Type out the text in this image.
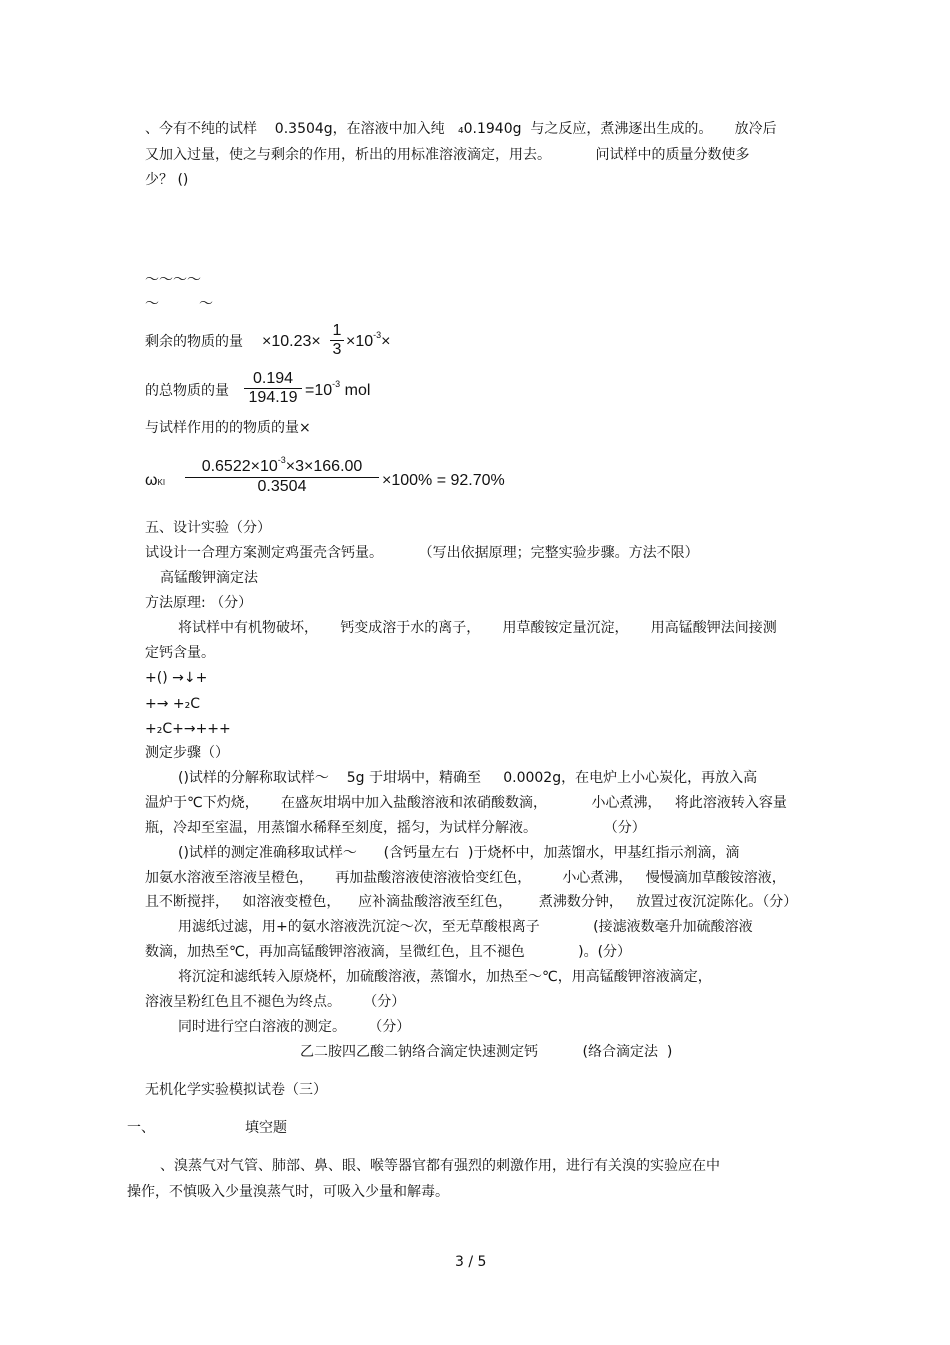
、今有不纯的试样    0.3504g，在溶液中加入纯   ₄0.1940g  与之反应，煮沸逐出生成的。     放冷后
又加入过量，使之与剩余的作用，析出的用标准溶液滴定，用去。          问试样中的质量分数使多
少？ ()
～～～～
～         ～
剩余的物质的量 $\times 10.23\times \frac{1}{3} \times 10^{-3}\times$
的总物质的量 $\frac{0.194}{194.19} =10^{-3}$ mol
与试样作用的的物质的量×
ωKI $\frac{0.6522\times 10^{-3}\times 3\times 166.00}{0.3504} \times 100\% = 92.70\%$
五、设计实验（分）
试设计一合理方案测定鸡蛋壳含钙量。        （写出依据原理；完整实验步骤。方法不限）
高锰酸钾滴定法
方法原理: （分）
将试样中有机物破坏，     钙变成溶于水的离子，     用草酸铵定量沉淀，     用高锰酸钾法间接测
定钙含量。
+() →↓+
+→ +₂C
+₂C+→+++
测定步骤（）
()试样的分解称取试样～    5g 于坩埚中，精确至     0.0002g，在电炉上小心炭化，再放入高
温炉于℃下灼烧，     在盛灰坩埚中加入盐酸溶液和浓硝酸数滴，          小心煮沸，   将此溶液转入容量
瓶，冷却至室温，用蒸馏水稀释至刻度，摇匀，为试样分解液。               （分）
()试样的测定准确移取试样～      (含钙量左右  )于烧杯中，加蒸馏水，甲基红指示剂滴，滴
加氨水溶液至溶液呈橙色，     再加盐酸溶液使溶液恰变红色，       小心煮沸，   慢慢滴加草酸铵溶液，
且不断搅拌，   如溶液变橙色，    应补滴盐酸溶液至红色，      煮沸数分钟，   放置过夜沉淀陈化。（分）
用滤纸过滤，用+的氨水溶液洗沉淀～次，至无草酸根离子            (接滤液数毫升加硫酸溶液
数滴，加热至℃，再加高锰酸钾溶液滴，呈微红色，且不褪色            )。(分）
将沉淀和滤纸转入原烧杯，加硫酸溶液，蒸馏水，加热至～℃，用高锰酸钾溶液滴定，
溶液呈粉红色且不褪色为终点。     （分）
同时进行空白溶液的测定。     （分）
乙二胺四乙酸二钠络合滴定快速测定钙          (络合滴定法  )
无机化学实验模拟试卷（三）
一、	填空题
、溴蒸气对气管、肺部、鼻、眼、喉等器官都有强烈的刺激作用，进行有关溴的实验应在中
操作，不慎吸入少量溴蒸气时，可吸入少量和解毒。
3 / 5
